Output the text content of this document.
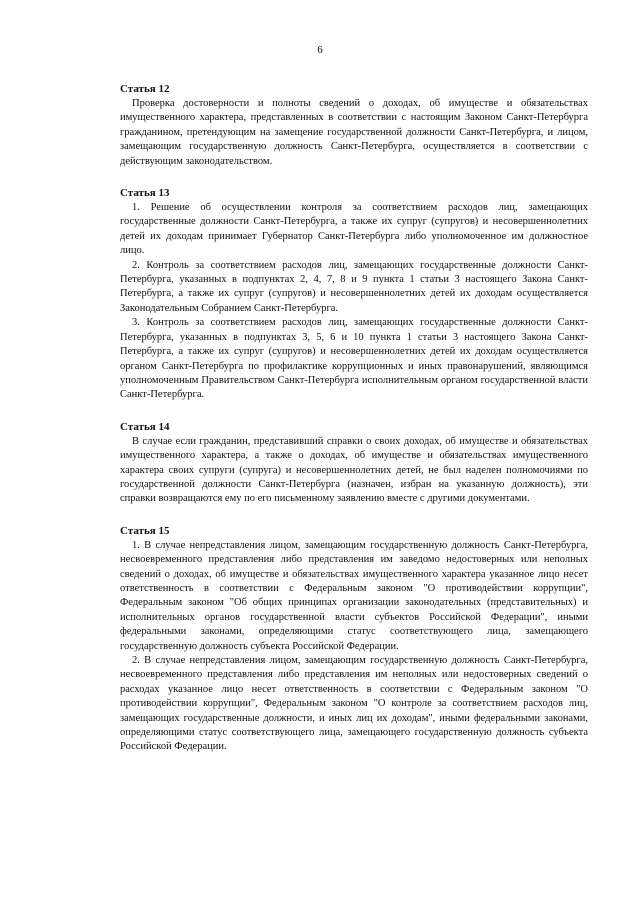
6
Статья 12

Проверка достоверности и полноты сведений о доходах, об имуществе и обязательствах имущественного характера, представленных в соответствии с настоящим Законом Санкт-Петербурга гражданином, претендующим на замещение государственной должности Санкт-Петербурга, и лицом, замещающим государственную должность Санкт-Петербурга, осуществляется в соответствии с действующим законодательством.

Статья 13

1. Решение об осуществлении контроля за соответствием расходов лиц, замещающих государственные должности Санкт-Петербурга, а также их супруг (супругов) и несовершеннолетних детей их доходам принимает Губернатор Санкт-Петербурга либо уполномоченное им должностное лицо.

2. Контроль за соответствием расходов лиц, замещающих государственные должности Санкт-Петербурга, указанных в подпунктах 2, 4, 7, 8 и 9 пункта 1 статьи 3 настоящего Закона Санкт-Петербурга, а также их супруг (супругов) и несовершеннолетних детей их доходам осуществляется Законодательным Собранием Санкт-Петербурга.

3. Контроль за соответствием расходов лиц, замещающих государственные должности Санкт-Петербурга, указанных в подпунктах 3, 5, 6 и 10 пункта 1 статьи 3 настоящего Закона Санкт-Петербурга, а также их супруг (супругов) и несовершеннолетних детей их доходам осуществляется органом Санкт-Петербурга по профилактике коррупционных и иных правонарушений, являющимся уполномоченным Правительством Санкт-Петербурга исполнительным органом государственной власти Санкт-Петербурга.

Статья 14

В случае если гражданин, представивший справки о своих доходах, об имуществе и обязательствах имущественного характера, а также о доходах, об имуществе и обязательствах имущественного характера своих супруги (супруга) и несовершеннолетних детей, не был наделен полномочиями по государственной должности Санкт-Петербурга (назначен, избран на указанную должность), эти справки возвращаются ему по его письменному заявлению вместе с другими документами.

Статья 15

1. В случае непредставления лицом, замещающим государственную должность Санкт-Петербурга, несвоевременного представления либо представления им заведомо недостоверных или неполных сведений о доходах, об имуществе и обязательствах имущественного характера указанное лицо несет ответственность в соответствии с Федеральным законом "О противодействии коррупции", Федеральным законом "Об общих принципах организации законодательных (представительных) и исполнительных органов государственной власти субъектов Российской Федерации", иными федеральными законами, определяющими статус соответствующего лица, замещающего государственную должность субъекта Российской Федерации.

2. В случае непредставления лицом, замещающим государственную должность Санкт-Петербурга, несвоевременного представления либо представления им неполных или недостоверных сведений о расходах указанное лицо несет ответственность в соответствии с Федеральным законом "О противодействии коррупции", Федеральным законом "О контроле за соответствием расходов лиц, замещающих государственные должности, и иных лиц их доходам", иными федеральными законами, определяющими статус соответствующего лица, замещающего государственную должность субъекта Российской Федерации.
